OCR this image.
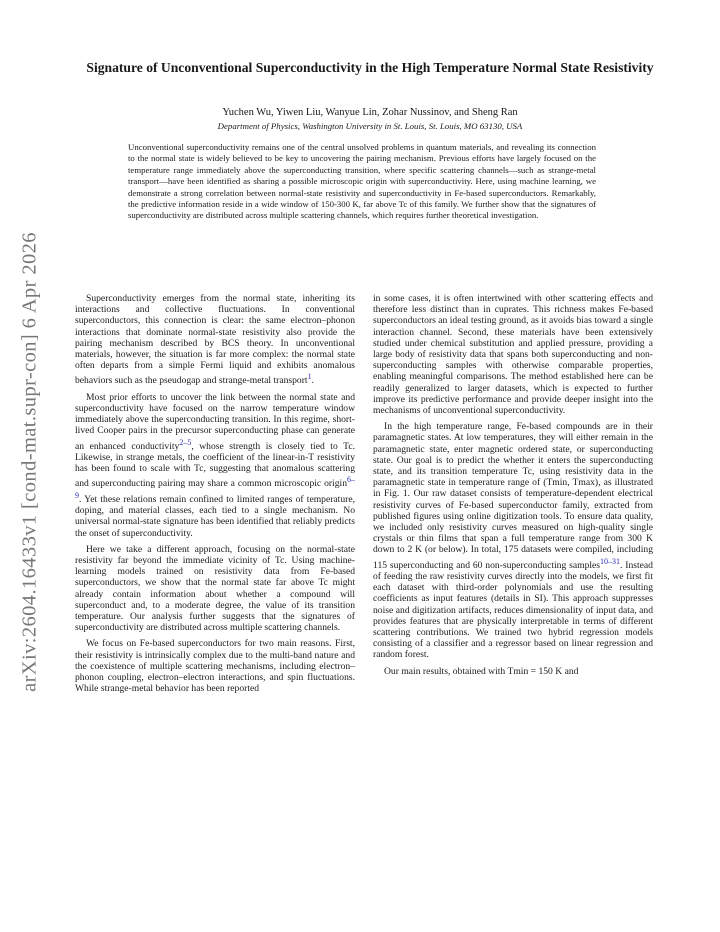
arXiv:2604.16433v1 [cond-mat.supr-con] 6 Apr 2026
Signature of Unconventional Superconductivity in the High Temperature Normal State Resistivity
Yuchen Wu, Yiwen Liu, Wanyue Lin, Zohar Nussinov, and Sheng Ran
Department of Physics, Washington University in St. Louis, St. Louis, MO 63130, USA

Unconventional superconductivity remains one of the central unsolved problems in quantum materials, and revealing its connection to the normal state is widely believed to be key to uncovering the pairing mechanism. Previous efforts have largely focused on the temperature range immediately above the superconducting transition, where specific scattering channels—such as strange-metal transport—have been identified as sharing a possible microscopic origin with superconductivity. Here, using machine learning, we demonstrate a strong correlation between normal-state resistivity and superconductivity in Fe-based superconductors. Remarkably, the predictive information reside in a wide window of 150-300 K, far above Tc of this family. We further show that the signatures of superconductivity are distributed across multiple scattering channels, which requires further theoretical investigation.

Superconductivity emerges from the normal state, inheriting its interactions and collective fluctuations. In conventional superconductors, this connection is clear: the same electron–phonon interactions that dominate normal-state resistivity also provide the pairing mechanism described by BCS theory. In unconventional materials, however, the situation is far more complex: the normal state often departs from a simple Fermi liquid and exhibits anomalous behaviors such as the pseudogap and strange-metal transport$^1$.

Most prior efforts to uncover the link between the normal state and superconductivity have focused on the narrow temperature window immediately above the superconducting transition. In this regime, short-lived Cooper pairs in the precursor superconducting phase can generate an enhanced conductivity$^{2-5}$, whose strength is closely tied to Tc. Likewise, in strange metals, the coefficient of the linear-in-T resistivity has been found to scale with Tc, suggesting that anomalous scattering and superconducting pairing may share a common microscopic origin$^{6-9}$. Yet these relations remain confined to limited ranges of temperature, doping, and material classes, each tied to a single mechanism. No universal normal-state signature has been identified that reliably predicts the onset of superconductivity.

Here we take a different approach, focusing on the normal-state resistivity far beyond the immediate vicinity of Tc. Using machine-learning models trained on resistivity data from Fe-based superconductors, we show that the normal state far above Tc might already contain information about whether a compound will superconduct and, to a moderate degree, the value of its transition temperature. Our analysis further suggests that the signatures of superconductivity are distributed across multiple scattering channels.

We focus on Fe-based superconductors for two main reasons. First, their resistivity is intrinsically complex due to the multi-band nature and the coexistence of multiple scattering mechanisms, including electron–phonon coupling, electron–electron interactions, and spin fluctuations. While strange-metal behavior has been reported

in some cases, it is often intertwined with other scattering effects and therefore less distinct than in cuprates. This richness makes Fe-based superconductors an ideal testing ground, as it avoids bias toward a single interaction channel. Second, these materials have been extensively studied under chemical substitution and applied pressure, providing a large body of resistivity data that spans both superconducting and non-superconducting samples with otherwise comparable properties, enabling meaningful comparisons. The method established here can be readily generalized to larger datasets, which is expected to further improve its predictive performance and provide deeper insight into the mechanisms of unconventional superconductivity.

In the high temperature range, Fe-based compounds are in their paramagnetic states. At low temperatures, they will either remain in the paramagnetic state, enter magnetic ordered state, or superconducting state. Our goal is to predict the whether it enters the superconducting state, and its transition temperature Tc, using resistivity data in the paramagnetic state in temperature range of (Tmin, Tmax), as illustrated in Fig. 1. Our raw dataset consists of temperature-dependent electrical resistivity curves of Fe-based superconductor family, extracted from published figures using online digitization tools. To ensure data quality, we included only resistivity curves measured on high-quality single crystals or thin films that span a full temperature range from 300 K down to 2 K (or below). In total, 175 datasets were compiled, including 115 superconducting and 60 non-superconducting samples$^{10-31}$. Instead of feeding the raw resistivity curves directly into the models, we first fit each dataset with third-order polynomials and use the resulting coefficients as input features (details in SI). This approach suppresses noise and digitization artifacts, reduces dimensionality of input data, and provides features that are physically interpretable in terms of different scattering contributions. We trained two hybrid regression models consisting of a classifier and a regressor based on linear regression and random forest.

Our main results, obtained with Tmin = 150 K and
